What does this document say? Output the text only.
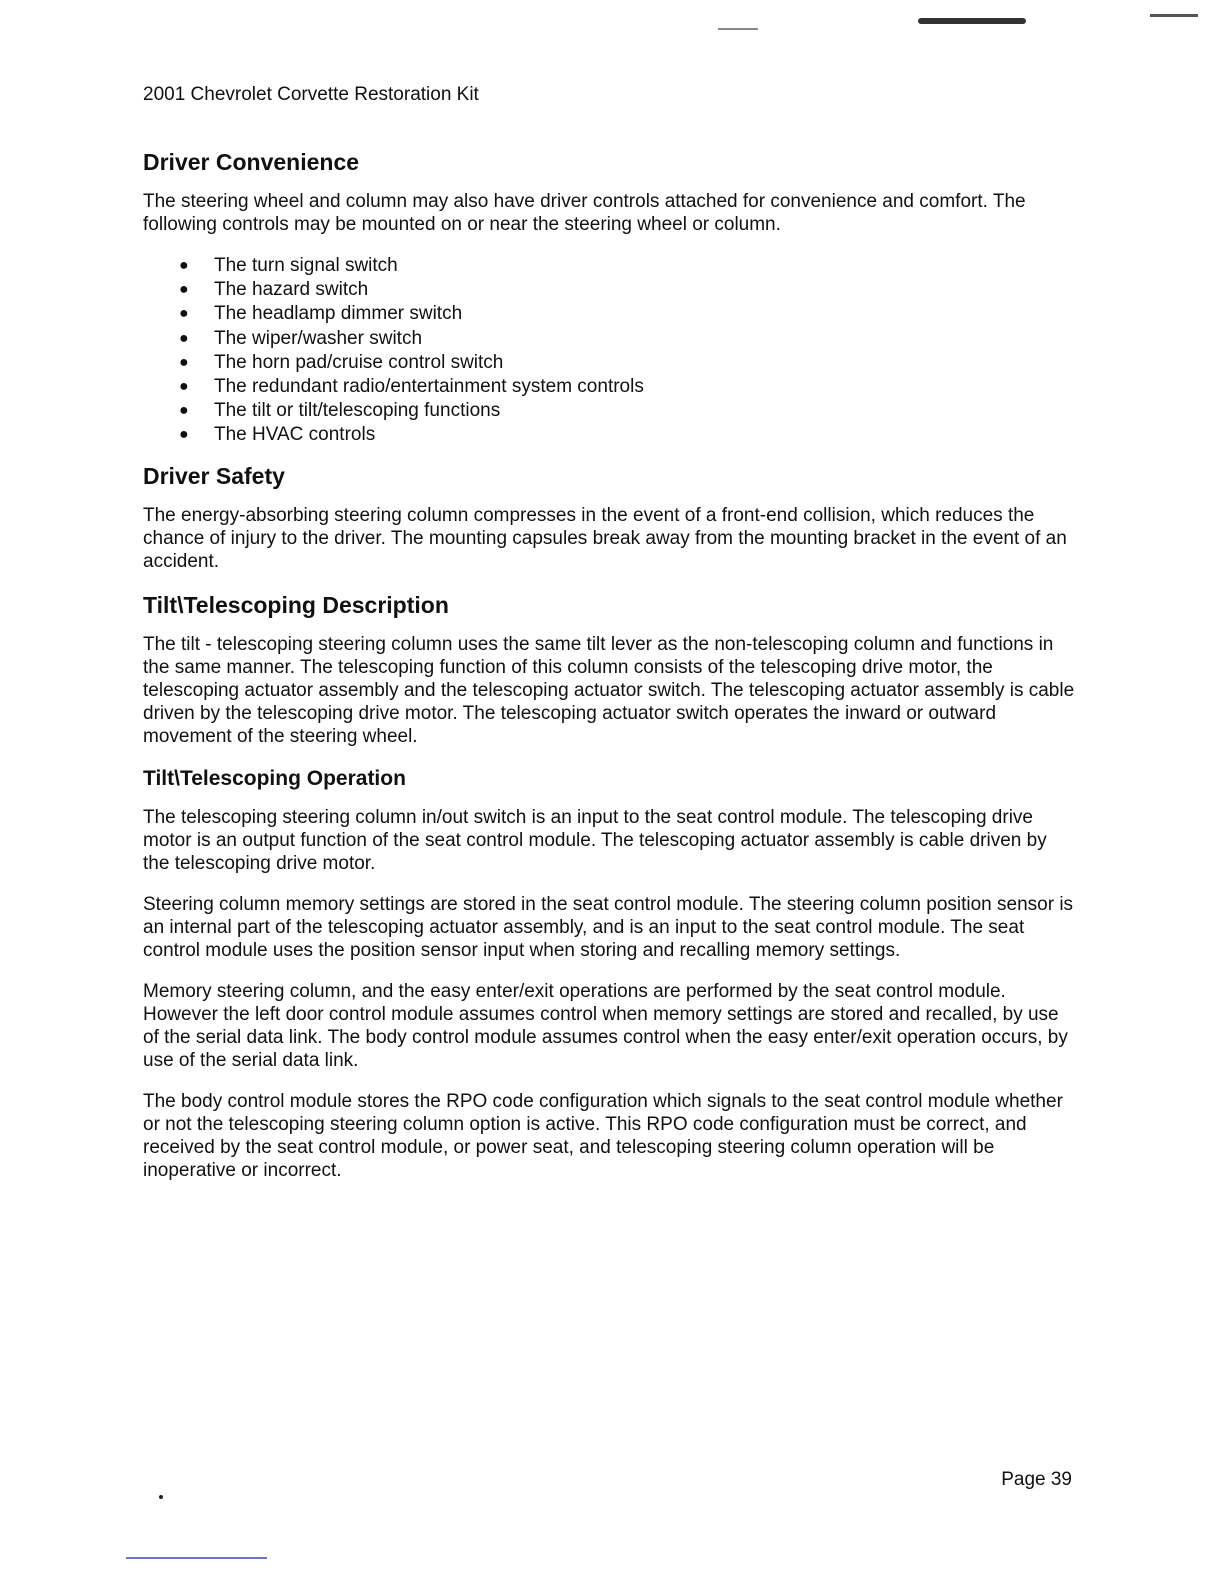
2001 Chevrolet Corvette Restoration Kit
Driver Convenience

The steering wheel and column may also have driver controls attached for convenience and comfort. The following controls may be mounted on or near the steering wheel or column.

● The turn signal switch
● The hazard switch
● The headlamp dimmer switch
● The wiper/washer switch
● The horn pad/cruise control switch
● The redundant radio/entertainment system controls
● The tilt or tilt/telescoping functions
● The HVAC controls
Driver Safety

The energy-absorbing steering column compresses in the event of a front-end collision, which reduces the chance of injury to the driver. The mounting capsules break away from the mounting bracket in the event of an accident.

Tilt\Telescoping Description

The tilt - telescoping steering column uses the same tilt lever as the non-telescoping column and functions in the same manner. The telescoping function of this column consists of the telescoping drive motor, the telescoping actuator assembly and the telescoping actuator switch. The telescoping actuator assembly is cable driven by the telescoping drive motor. The telescoping actuator switch operates the inward or outward movement of the steering wheel.

Tilt\Telescoping Operation

The telescoping steering column in/out switch is an input to the seat control module. The telescoping drive motor is an output function of the seat control module. The telescoping actuator assembly is cable driven by the telescoping drive motor.

Steering column memory settings are stored in the seat control module. The steering column position sensor is an internal part of the telescoping actuator assembly, and is an input to the seat control module. The seat control module uses the position sensor input when storing and recalling memory settings.

Memory steering column, and the easy enter/exit operations are performed by the seat control module. However the left door control module assumes control when memory settings are stored and recalled, by use of the serial data link. The body control module assumes control when the easy enter/exit operation occurs, by use of the serial data link.

The body control module stores the RPO code configuration which signals to the seat control module whether or not the telescoping steering column option is active. This RPO code configuration must be correct, and received by the seat control module, or power seat, and telescoping steering column operation will be inoperative or incorrect.

Page 39
